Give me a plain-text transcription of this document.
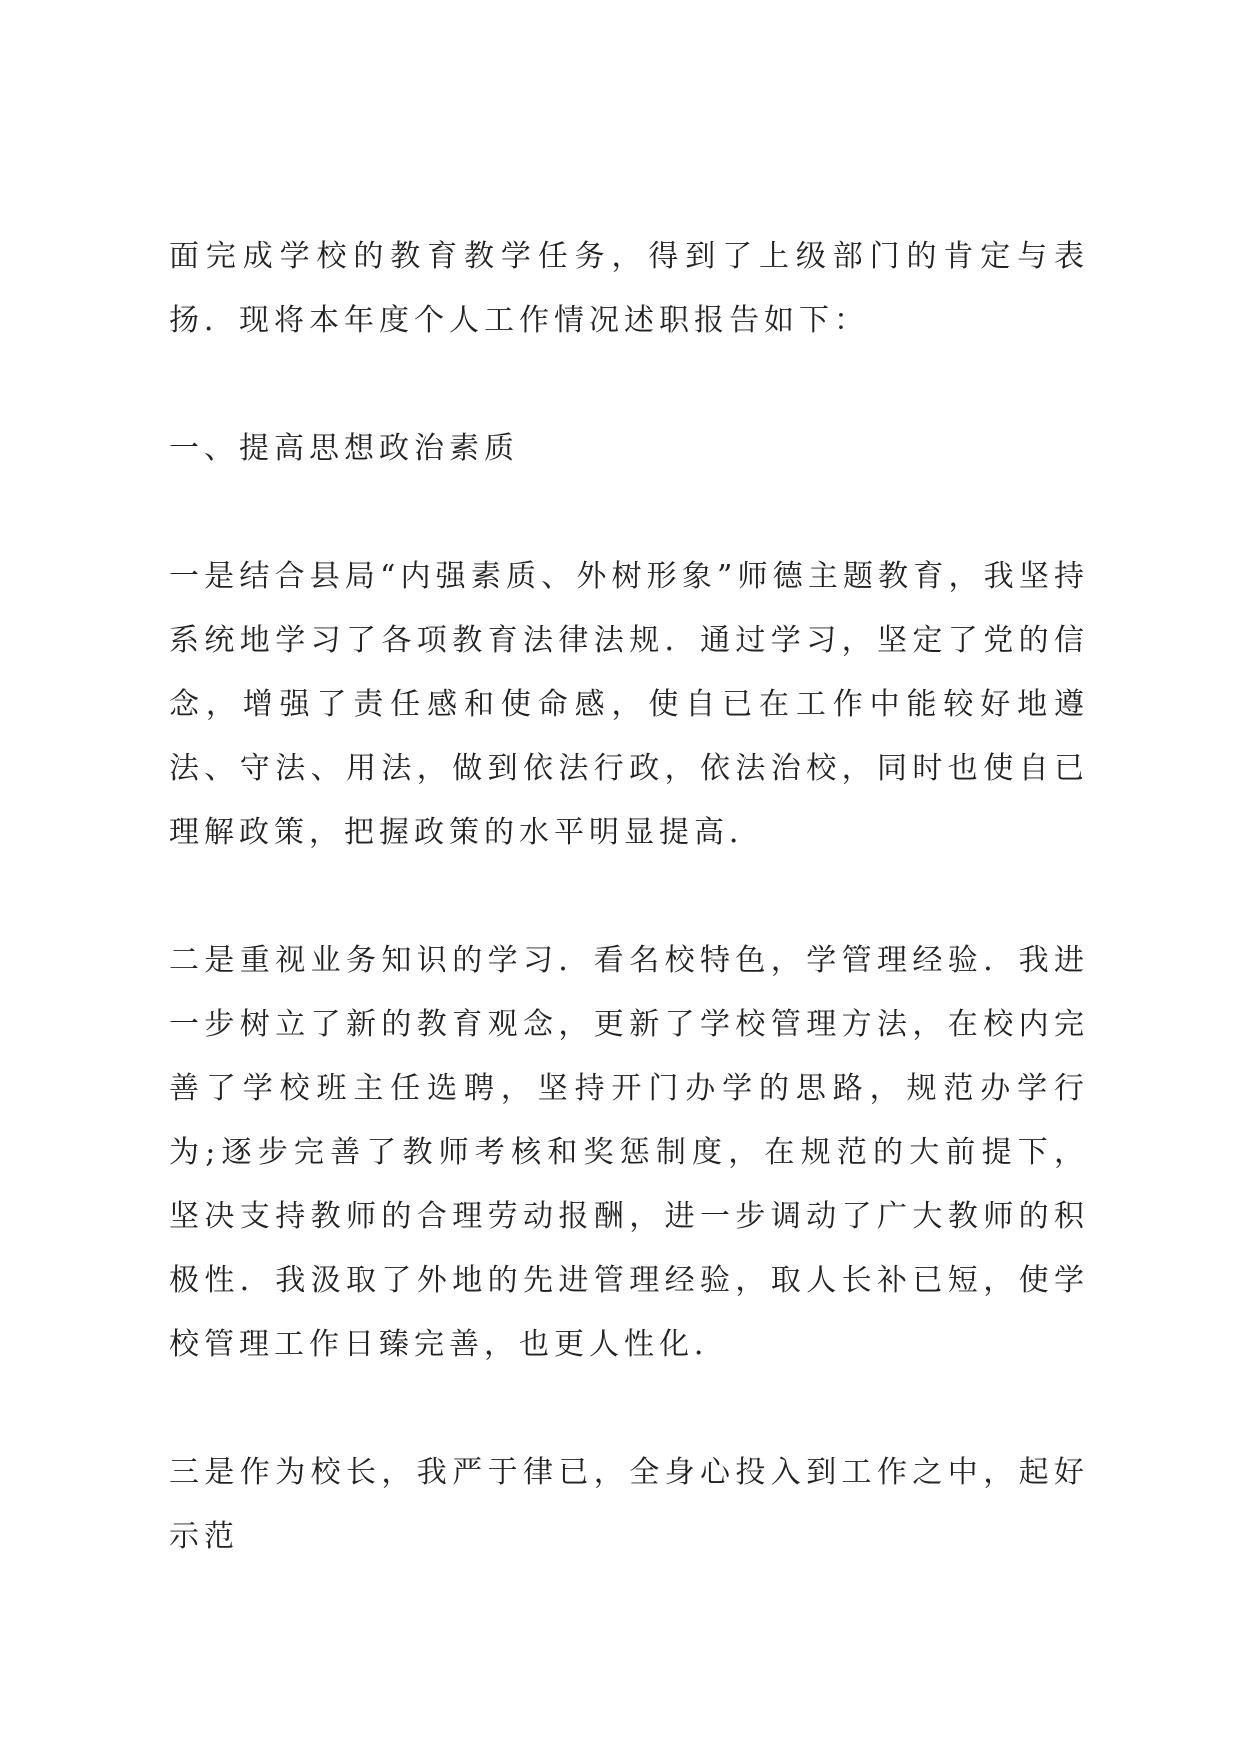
面完成学校的教育教学任务，得到了上级部门的肯定与表扬．现将本年度个人工作情况述职报告如下：

一、提高思想政治素质

一是结合县局“内强素质、外树形象”师德主题教育，我坚持系统地学习了各项教育法律法规．通过学习，坚定了党的信念，增强了责任感和使命感，使自已在工作中能较好地遵法、守法、用法，做到依法行政，依法治校，同时也使自已理解政策，把握政策的水平明显提高．

二是重视业务知识的学习．看名校特色，学管理经验．我进一步树立了新的教育观念，更新了学校管理方法，在校内完善了学校班主任选聘，坚持开门办学的思路，规范办学行为;逐步完善了教师考核和奖惩制度，在规范的大前提下，坚决支持教师的合理劳动报酬，进一步调动了广大教师的积极性．我汲取了外地的先进管理经验，取人长补已短，使学校管理工作日臻完善，也更人性化．

三是作为校长，我严于律已，全身心投入到工作之中，起好示范
